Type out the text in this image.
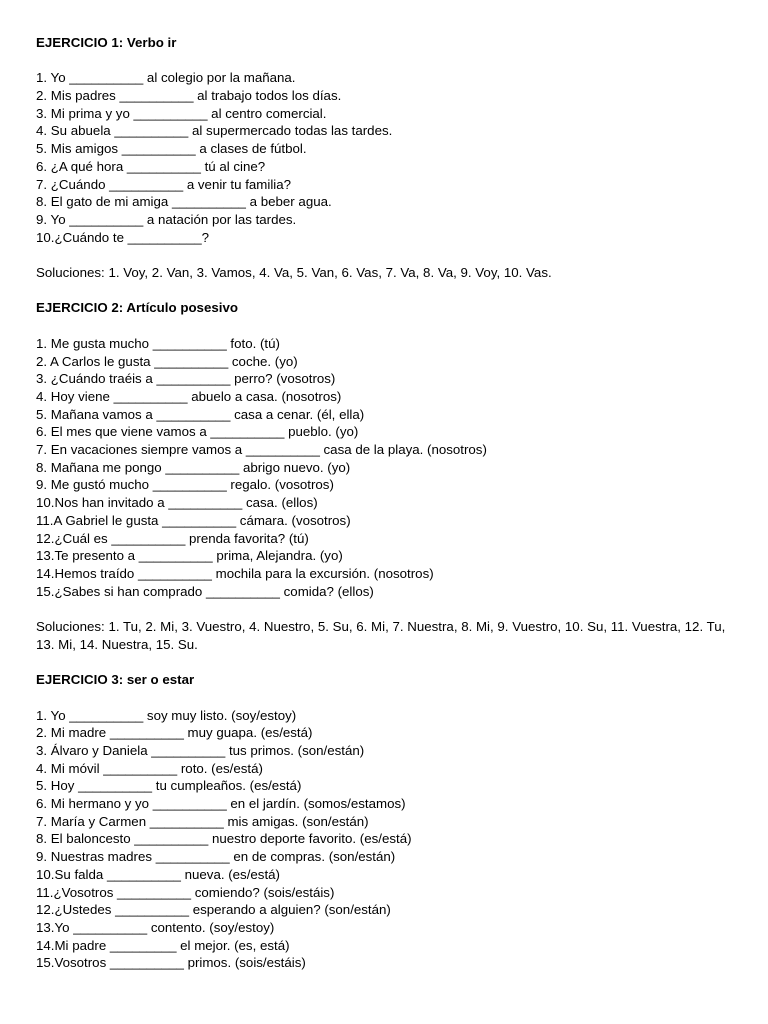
EJERCICIO 1: Verbo ir
1. Yo __________ al colegio por la mañana.
2. Mis padres __________ al trabajo todos los días.
3. Mi prima y yo __________ al centro comercial.
4. Su abuela __________ al supermercado todas las tardes.
5. Mis amigos __________ a clases de fútbol.
6. ¿A qué hora __________ tú al cine?
7. ¿Cuándo __________ a venir tu familia?
8. El gato de mi amiga __________ a beber agua.
9. Yo __________ a natación por las tardes.
10.¿Cuándo te __________?
Soluciones: 1. Voy, 2. Van, 3. Vamos, 4. Va, 5. Van, 6. Vas, 7. Va, 8. Va, 9. Voy, 10. Vas.
EJERCICIO 2: Artículo posesivo
1. Me gusta mucho __________ foto. (tú)
2. A Carlos le gusta __________ coche. (yo)
3. ¿Cuándo traéis a __________ perro? (vosotros)
4. Hoy viene __________ abuelo a casa. (nosotros)
5. Mañana vamos a __________ casa a cenar. (él, ella)
6. El mes que viene vamos a __________ pueblo. (yo)
7. En vacaciones siempre vamos a __________ casa de la playa. (nosotros)
8. Mañana me pongo __________ abrigo nuevo. (yo)
9. Me gustó mucho __________ regalo. (vosotros)
10.Nos han invitado a __________ casa. (ellos)
11.A Gabriel le gusta __________ cámara. (vosotros)
12.¿Cuál es __________ prenda favorita? (tú)
13.Te presento a __________ prima, Alejandra. (yo)
14.Hemos traído __________ mochila para la excursión. (nosotros)
15.¿Sabes si han comprado __________ comida? (ellos)
Soluciones: 1. Tu, 2. Mi, 3. Vuestro, 4. Nuestro, 5. Su, 6. Mi, 7. Nuestra, 8. Mi, 9. Vuestro, 10. Su, 11. Vuestra, 12. Tu, 13. Mi, 14. Nuestra, 15. Su.
EJERCICIO 3: ser o estar
1. Yo __________ soy muy listo. (soy/estoy)
2. Mi madre __________ muy guapa. (es/está)
3. Álvaro y Daniela __________ tus primos. (son/están)
4. Mi móvil __________ roto. (es/está)
5. Hoy __________ tu cumpleaños. (es/está)
6. Mi hermano y yo __________ en el jardín. (somos/estamos)
7. María y Carmen __________ mis amigas. (son/están)
8. El baloncesto __________ nuestro deporte favorito. (es/está)
9. Nuestras madres __________ en de compras. (son/están)
10.Su falda __________ nueva. (es/está)
11.¿Vosotros __________ comiendo? (sois/estáis)
12.¿Ustedes __________ esperando a alguien? (son/están)
13.Yo __________ contento. (soy/estoy)
14.Mi padre _________ el mejor. (es, está)
15.Vosotros __________ primos. (sois/estáis)
